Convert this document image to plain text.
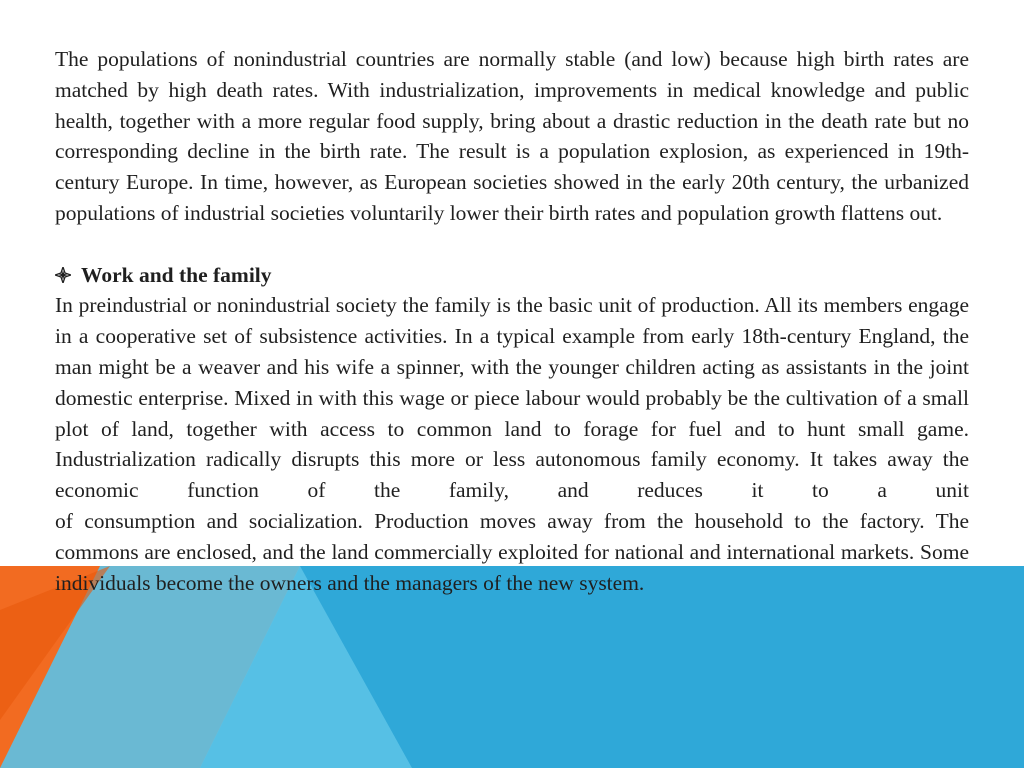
The populations of nonindustrial countries are normally stable (and low) because high birth rates are matched by high death rates. With industrialization, improvements in medical knowledge and public health, together with a more regular food supply, bring about a drastic reduction in the death rate but no corresponding decline in the birth rate. The result is a population explosion, as experienced in 19th-century Europe. In time, however, as European societies showed in the early 20th century, the urbanized populations of industrial societies voluntarily lower their birth rates and population growth flattens out.

Work and the family

In preindustrial or nonindustrial society the family is the basic unit of production. All its members engage in a cooperative set of subsistence activities. In a typical example from early 18th-century England, the man might be a weaver and his wife a spinner, with the younger children acting as assistants in the joint domestic enterprise. Mixed in with this wage or piece labour would probably be the cultivation of a small plot of land, together with access to common land to forage for fuel and to hunt small game. Industrialization radically disrupts this more or less autonomous family economy. It takes away the economic function of the family, and reduces it to a unit
of consumption and socialization. Production moves away from the household to the factory. The commons are enclosed, and the land commercially exploited for national and international markets. Some individuals become the owners and the managers of the new system.
